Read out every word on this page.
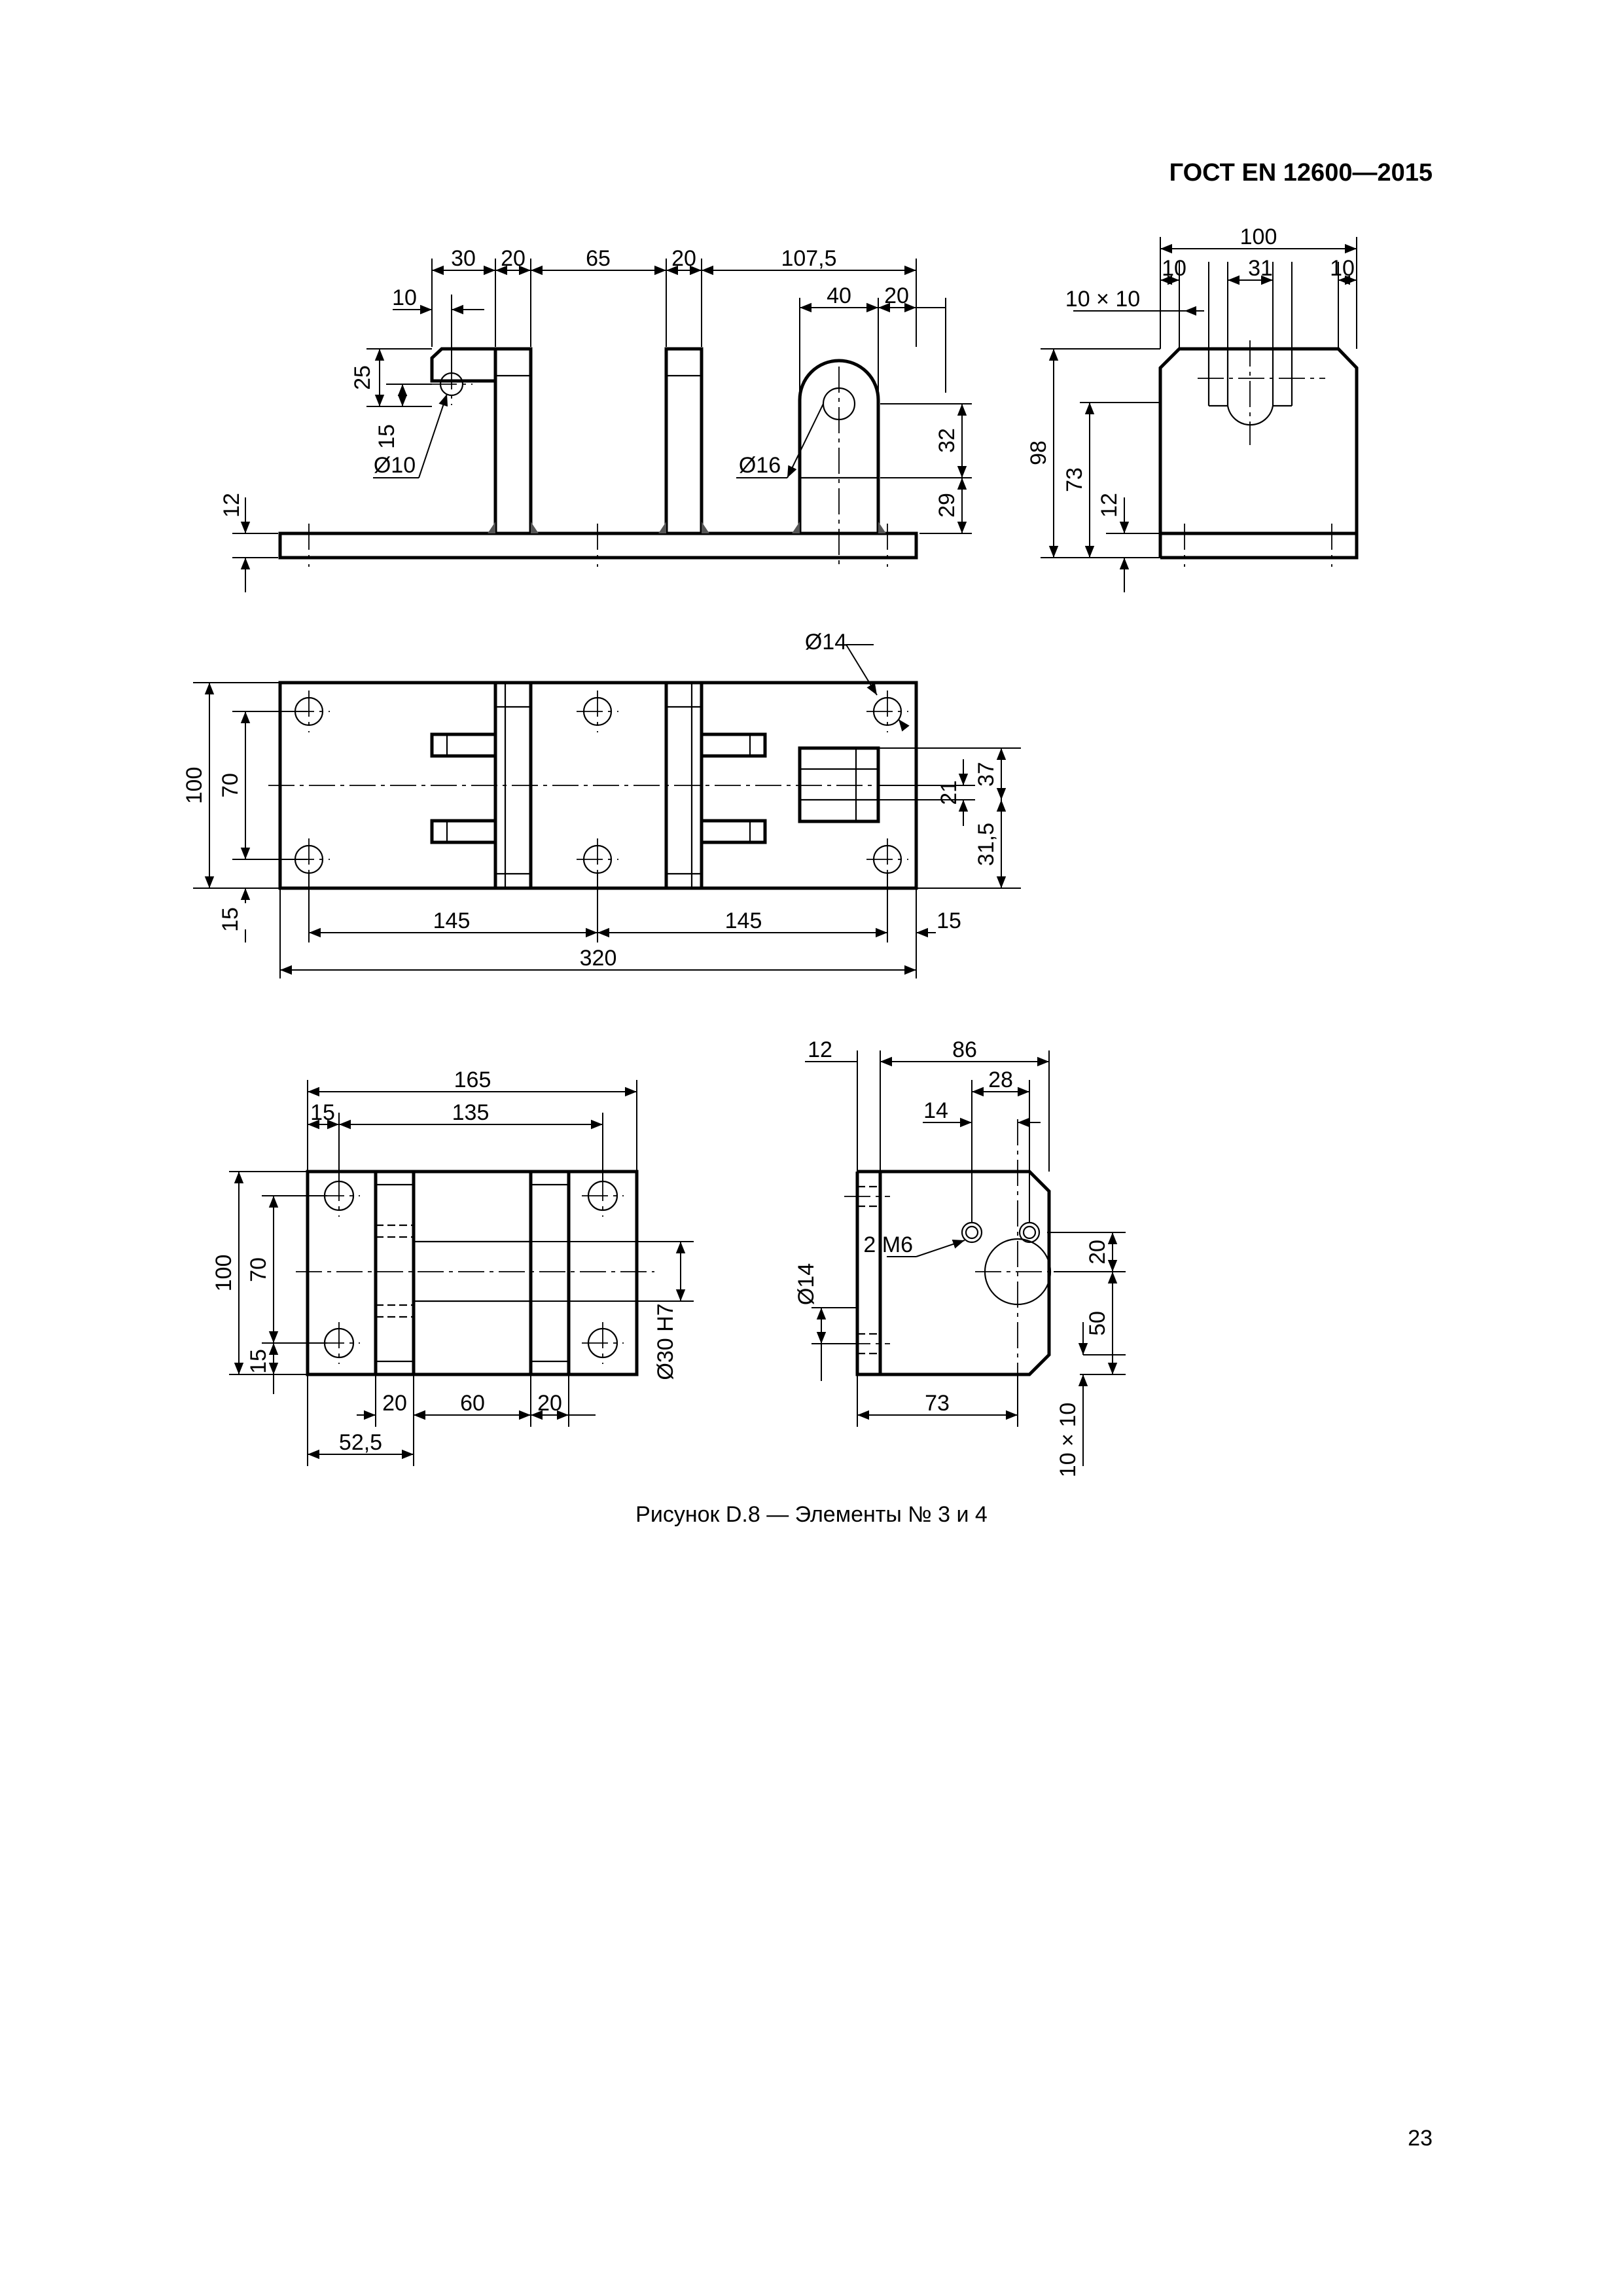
ГОСТ EN 12600—2015
30 20	65	20	107,5
40 20
10
25
15
Ø10	Ø16
32
29
12
100
10	31	10
10 × 10
98
73
12
Ø14
100 70
15
21
37
31,5
145	145	15
320
165
15	135
100 70
15	Ø30 H7
20 60 20
52,5
12	86
28
14
2 M6
Ø14
20
50
73	10 × 10
Рисунок D.8 — Элементы № 3 и 4
23
